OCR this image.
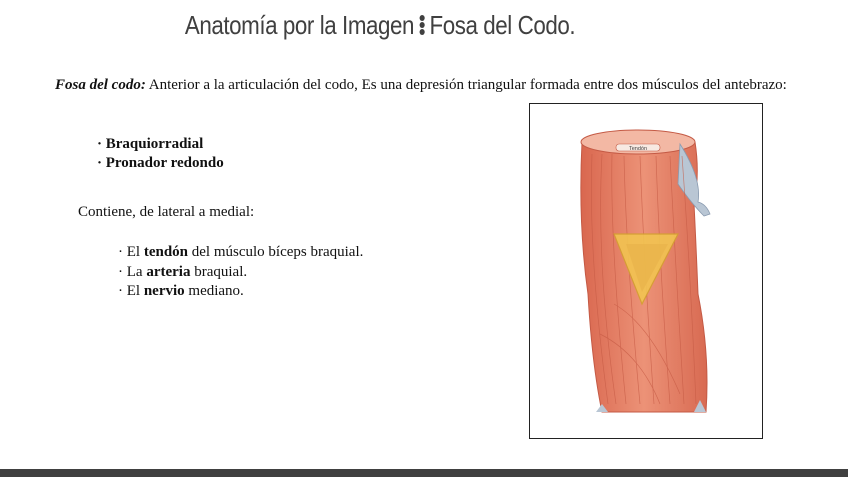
Anatomía por la Imagen Fosa del Codo.
Fosa del codo: Anterior a la articulación del codo, Es una depresión triangular formada entre dos músculos del antebrazo:
· Braquiorradial
· Pronador redondo
Contiene, de lateral a medial:
· El tendón del músculo bíceps braquial.
· La arteria braquial.
· El nervio mediano.
Tendón
